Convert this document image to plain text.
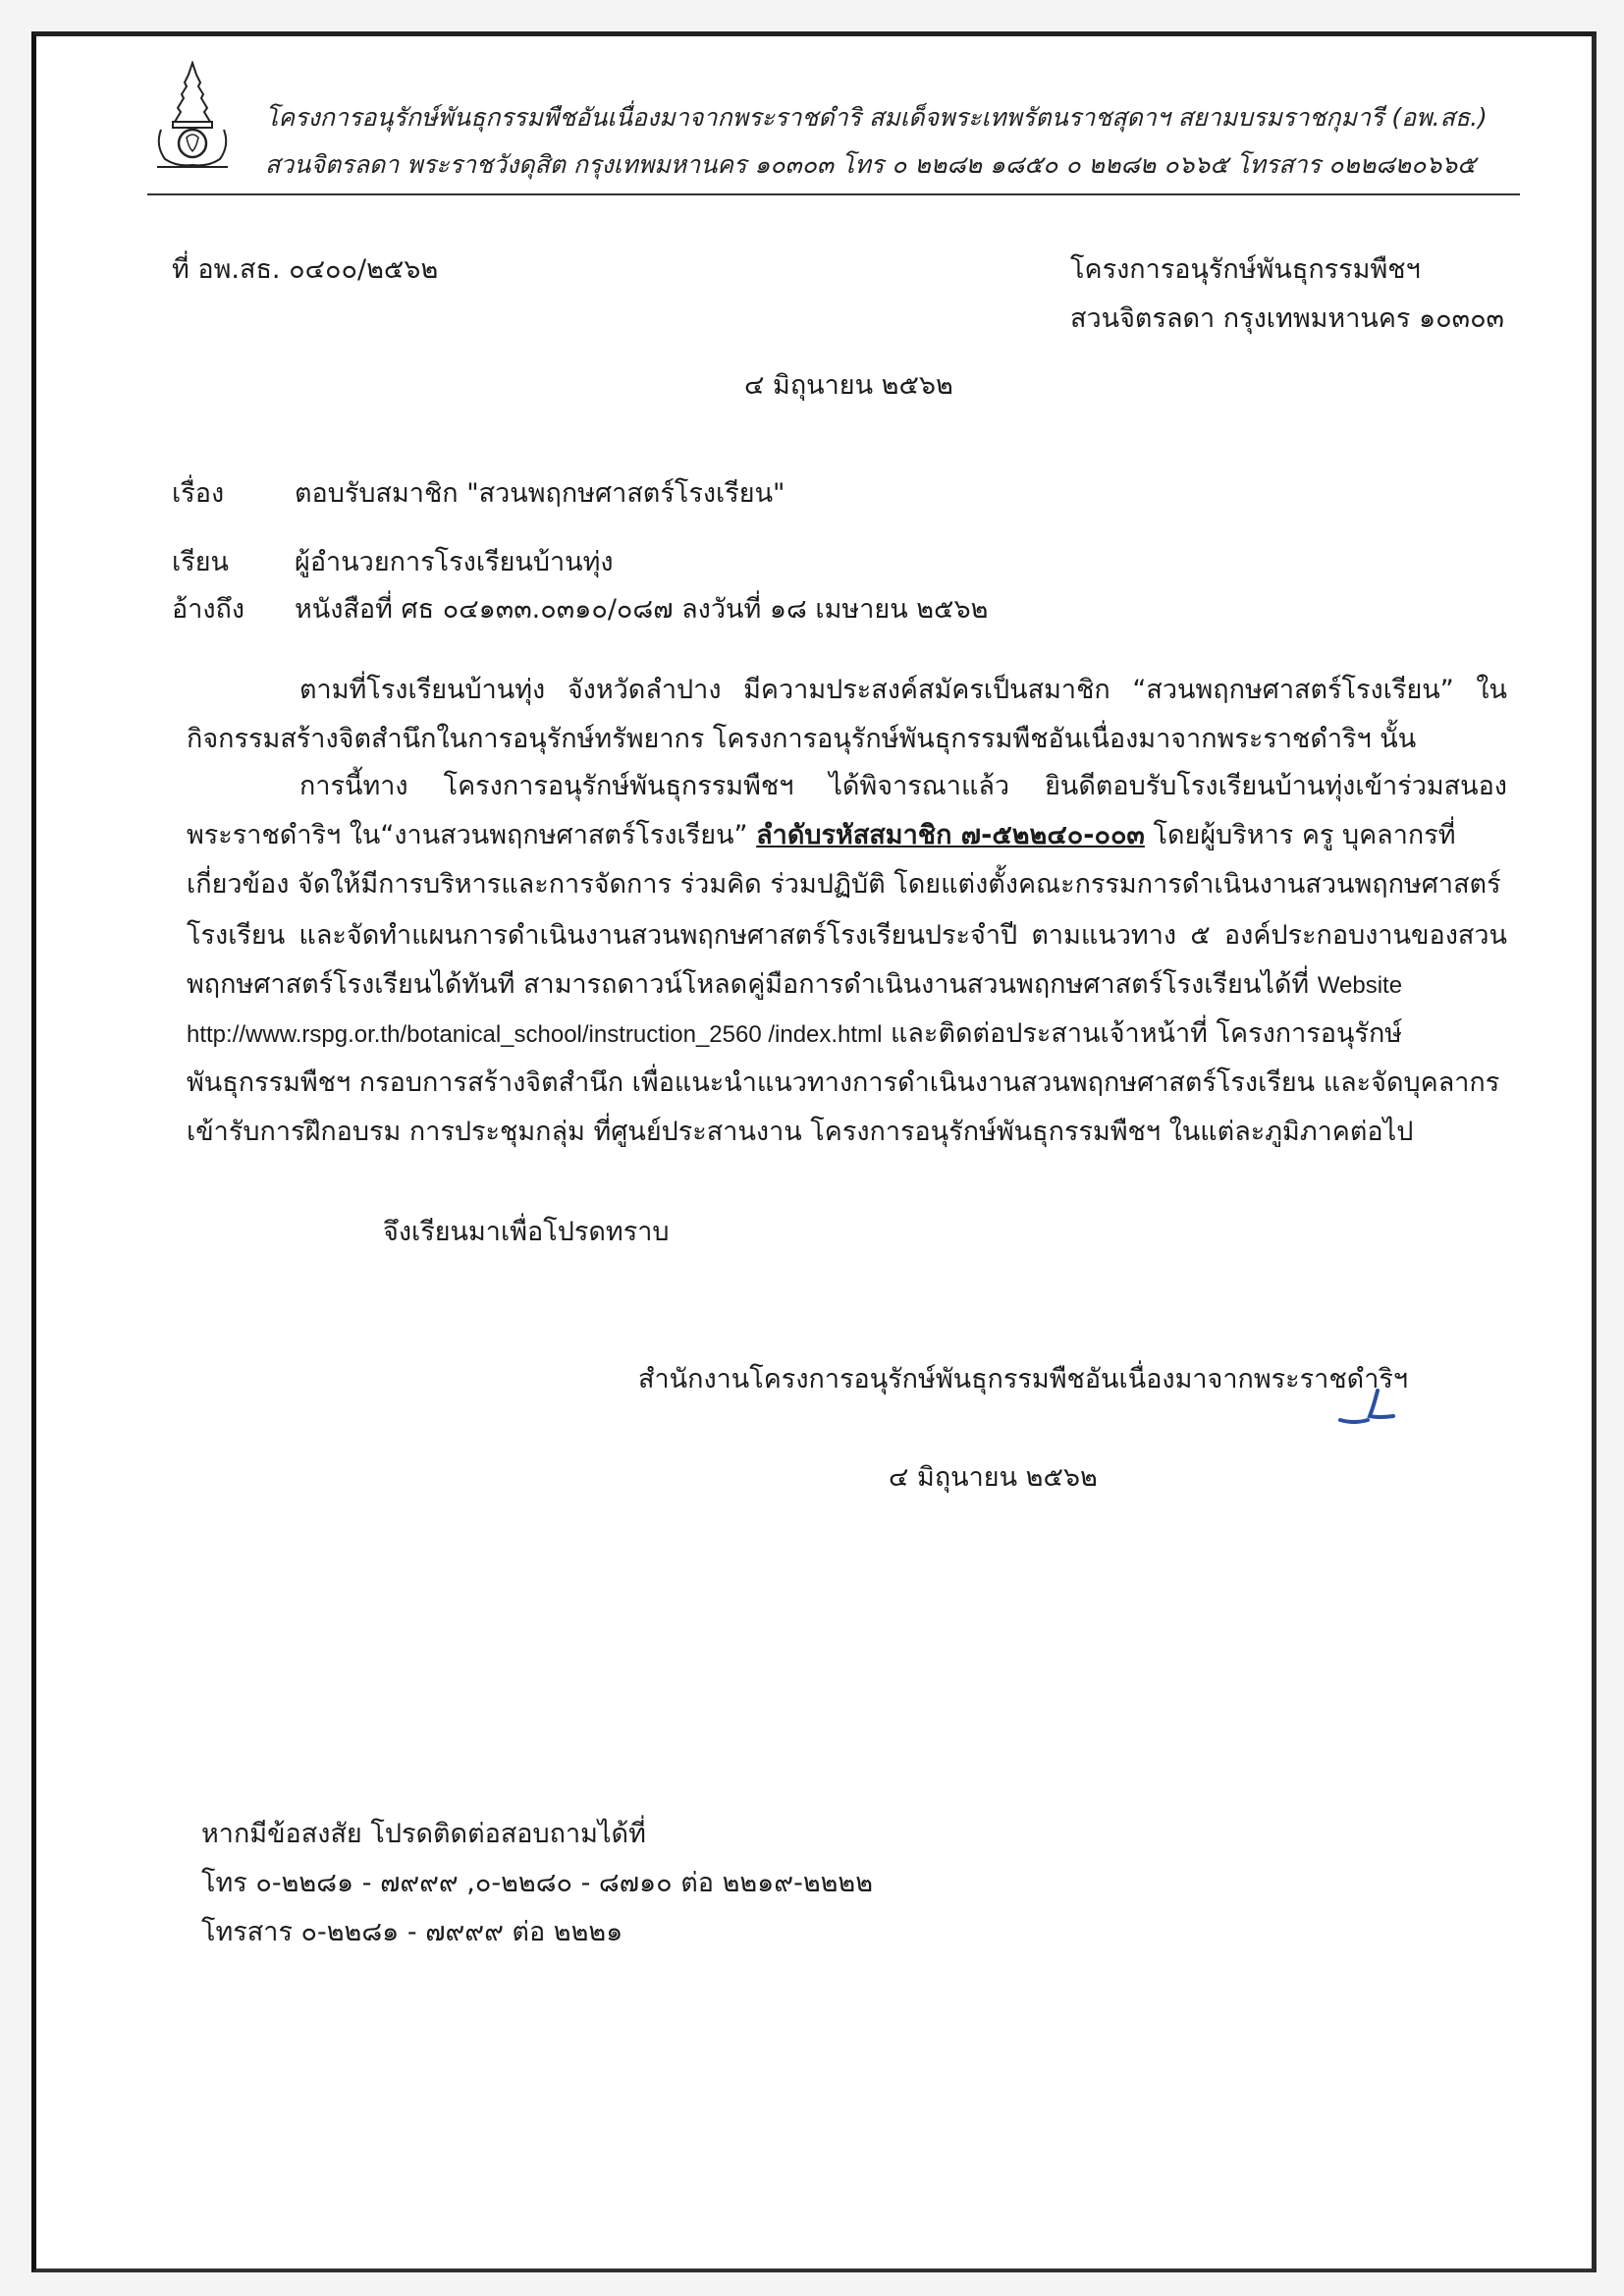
โครงการอนุรักษ์พันธุกรรมพืชอันเนื่องมาจากพระราชดำริ สมเด็จพระเทพรัตนราชสุดาฯ สยามบรมราชกุมารี (อพ.สธ.)
สวนจิตรลดา พระราชวังดุสิต กรุงเทพมหานคร ๑๐๓๐๓ โทร ๐ ๒๒๘๒ ๑๘๕๐ ๐ ๒๒๘๒ ๐๖๖๕ โทรสาร ๐๒๒๘๒๐๖๖๕
ที่ อพ.สธ. ๐๔๐๐/๒๕๖๒	โครงการอนุรักษ์พันธุกรรมพืชฯ
สวนจิตรลดา กรุงเทพมหานคร ๑๐๓๐๓
๔ มิถุนายน ๒๕๖๒
เรื่อง	ตอบรับสมาชิก "สวนพฤกษศาสตร์โรงเรียน"
เรียน ผู้อำนวยการโรงเรียนบ้านทุ่ง
อ้างถึง หนังสือที่ ศธ ๐๔๑๓๓.๐๓๑๐/๐๘๗ ลงวันที่ ๑๘ เมษายน ๒๕๖๒
ตามที่โรงเรียนบ้านทุ่ง จังหวัดลำปาง มีความประสงค์สมัครเป็นสมาชิก “สวนพฤกษศาสตร์โรงเรียน” ใน
กิจกรรมสร้างจิตสำนึกในการอนุรักษ์ทรัพยากร โครงการอนุรักษ์พันธุกรรมพืชอันเนื่องมาจากพระราชดำริฯ นั้น
การนี้ทาง โครงการอนุรักษ์พันธุกรรมพืชฯ ได้พิจารณาแล้ว ยินดีตอบรับโรงเรียนบ้านทุ่งเข้าร่วมสนอง
พระราชดำริฯ ใน“งานสวนพฤกษศาสตร์โรงเรียน” ลำดับรหัสสมาชิก ๗-๕๒๒๔๐-๐๐๓ โดยผู้บริหาร ครู บุคลากรที่
เกี่ยวข้อง จัดให้มีการบริหารและการจัดการ ร่วมคิด ร่วมปฏิบัติ โดยแต่งตั้งคณะกรรมการดำเนินงานสวนพฤกษศาสตร์
โรงเรียน และจัดทำแผนการดำเนินงานสวนพฤกษศาสตร์โรงเรียนประจำปี ตามแนวทาง ๕ องค์ประกอบงานของสวน
พฤกษศาสตร์โรงเรียนได้ทันที สามารถดาวน์โหลดคู่มือการดำเนินงานสวนพฤกษศาสตร์โรงเรียนได้ที่ Website
http://www.rspg.or.th/botanical_school/instruction_2560 /index.html และติดต่อประสานเจ้าหน้าที่ โครงการอนุรักษ์
พันธุกรรมพืชฯ กรอบการสร้างจิตสำนึก เพื่อแนะนำแนวทางการดำเนินงานสวนพฤกษศาสตร์โรงเรียน และจัดบุคลากร
เข้ารับการฝึกอบรม การประชุมกลุ่ม ที่ศูนย์ประสานงาน โครงการอนุรักษ์พันธุกรรมพืชฯ ในแต่ละภูมิภาคต่อไป
จึงเรียนมาเพื่อโปรดทราบ
สำนักงานโครงการอนุรักษ์พันธุกรรมพืชอันเนื่องมาจากพระราชดำริฯ
๔ มิถุนายน ๒๕๖๒
หากมีข้อสงสัย โปรดติดต่อสอบถามได้ที่
โทร ๐-๒๒๘๑ - ๗๙๙๙ ,๐-๒๒๘๐ - ๘๗๑๐ ต่อ ๒๒๑๙-๒๒๒๒
โทรสาร ๐-๒๒๘๑ - ๗๙๙๙ ต่อ ๒๒๒๑
